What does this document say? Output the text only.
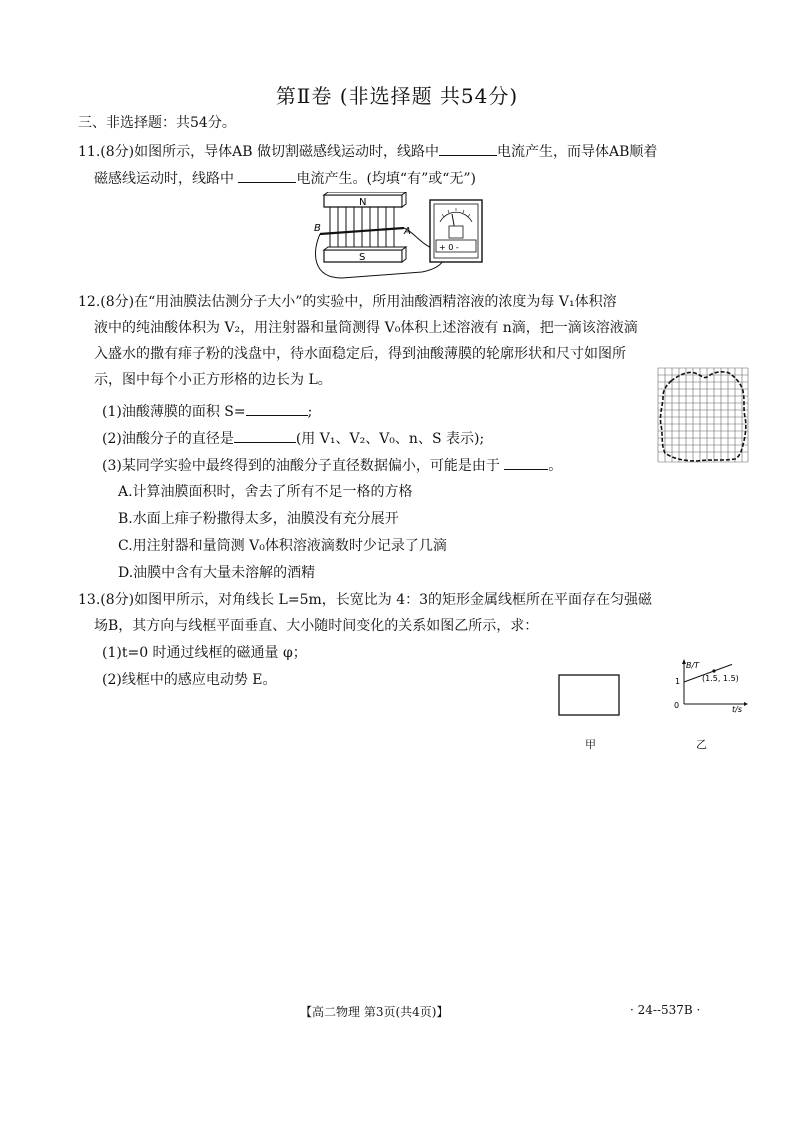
第Ⅱ卷 (非选择题 共54分)
三、非选择题：共54分。
11.(8分)如图所示，导体AB 做切割磁感线运动时，线路中	电流产生，而导体AB顺着
磁感线运动时，线路中	电流产生。(均填“有”或“无”)
N
B	A
S
+ 0 -
12.(8分)在“用油膜法估测分子大小”的实验中，所用油酸酒精溶液的浓度为每 V₁体积溶
液中的纯油酸体积为 V₂，用注射器和量筒测得 V₀体积上述溶液有 n滴，把一滴该溶液滴
入盛水的撒有痱子粉的浅盘中，待水面稳定后，得到油酸薄膜的轮廓形状和尺寸如图所
示，图中每个小正方形格的边长为 L。
(1)油酸薄膜的面积 S=	;
(2)油酸分子的直径是	(用 V₁、V₂、V₀、n、S 表示);
(3)某同学实验中最终得到的油酸分子直径数据偏小，可能是由于	。
A.计算油膜面积时，舍去了所有不足一格的方格
B.水面上痱子粉撒得太多，油膜没有充分展开
C.用注射器和量筒测 V₀体积溶液滴数时少记录了几滴
D.油膜中含有大量未溶解的酒精
13.(8分)如图甲所示，对角线长 L=5m，长宽比为 4：3的矩形金属线框所在平面存在匀强磁
场B，其方向与线框平面垂直、大小随时间变化的关系如图乙所示，求：
(1)t=0 时通过线框的磁通量 φ；
(2)线框中的感应电动势 E。
甲
B/T
t/s
1
0
(1.5, 1.5)
乙
【高二物理 第3页(共4页)】	· 24--537B ·
